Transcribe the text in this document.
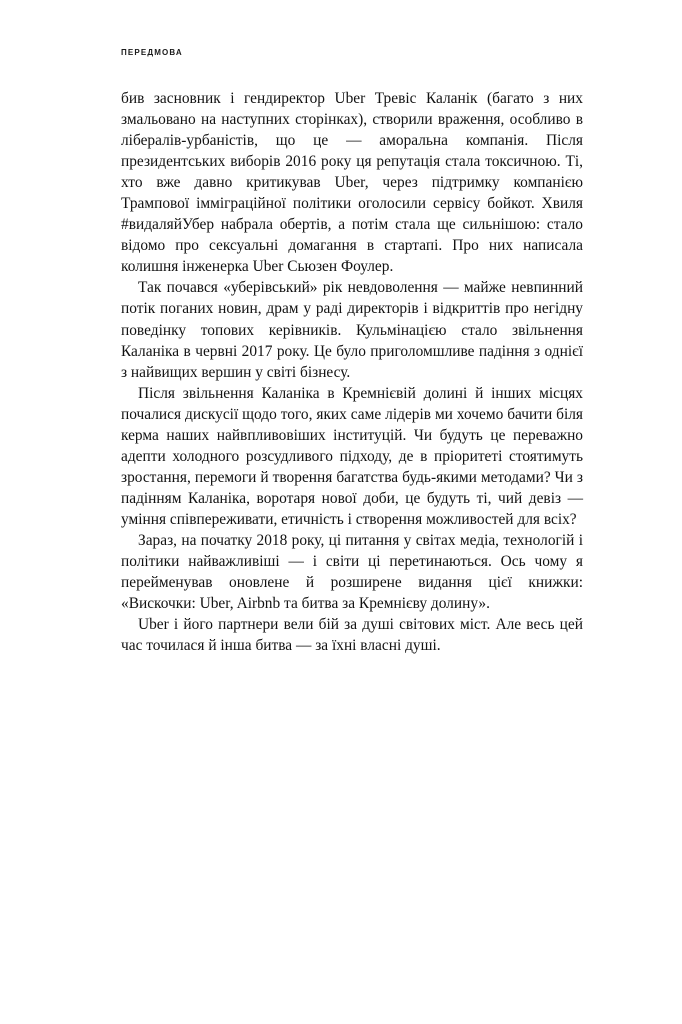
передмова

бив засновник і гендиректор Uber Тревіс Каланік (багато з них змальовано на наступних сторінках), створили враження, особливо в лібералів-урбаністів, що це — аморальна компанія. Після президентських виборів 2016 року ця репутація стала токсичною. Ті, хто вже давно критикував Uber, через підтримку компанією Трампової імміграційної політики оголосили сервісу бойкот. Хвиля #видаляйУбер набрала обертів, а потім стала ще сильнішою: стало відомо про сексуальні домагання в стартапі. Про них написала колишня інженерка Uber Сьюзен Фоулер.

Так почався «уберівський» рік невдоволення — майже невпинний потік поганих новин, драм у раді директорів і відкриттів про негідну поведінку топових керівників. Кульмінацією стало звільнення Каланіка в червні 2017 року. Це було приголомшливе падіння з однієї з найвищих вершин у світі бізнесу.

Після звільнення Каланіка в Кремнієвій долині й інших місцях почалися дискусії щодо того, яких саме лідерів ми хочемо бачити біля керма наших найвпливовіших інституцій. Чи будуть це переважно адепти холодного розсудливого підходу, де в пріоритеті стоятимуть зростання, перемоги й творення багатства будь-якими методами? Чи з падінням Каланіка, воротаря нової доби, це будуть ті, чий девіз — уміння співпереживати, етичність і створення можливостей для всіх?

Зараз, на початку 2018 року, ці питання у світах медіа, технологій і політики найважливіші — і світи ці перетинаються. Ось чому я перейменував оновлене й розширене видання цієї книжки: «Вискочки: Uber, Airbnb та битва за Кремнієву долину».

Uber і його партнери вели бій за душі світових міст. Але весь цей час точилася й інша битва — за їхні власні душі.
